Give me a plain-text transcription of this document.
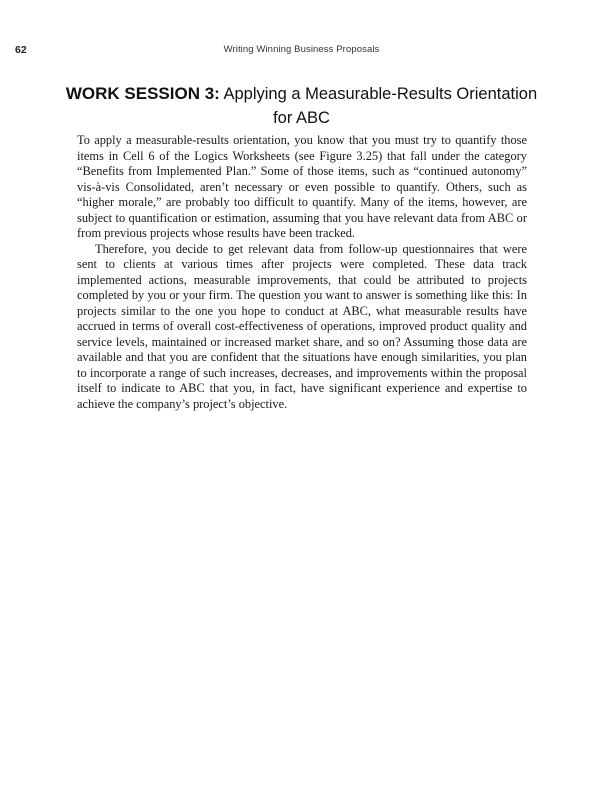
62	Writing Winning Business Proposals
WORK SESSION 3: Applying a Measurable-Results Orientation for ABC

To apply a measurable-results orientation, you know that you must try to quantify those items in Cell 6 of the Logics Worksheets (see Figure 3.25) that fall under the category “Benefits from Implemented Plan.” Some of those items, such as “continued autonomy” vis-à-vis Consolidated, aren’t necessary or even possible to quantify. Others, such as “higher morale,” are probably too difficult to quantify. Many of the items, however, are subject to quantification or estimation, assuming that you have relevant data from ABC or from previous projects whose results have been tracked.

Therefore, you decide to get relevant data from follow-up questionnaires that were sent to clients at various times after projects were completed. These data track implemented actions, measurable improvements, that could be attributed to projects completed by you or your firm. The question you want to answer is something like this: In projects similar to the one you hope to conduct at ABC, what measurable results have accrued in terms of overall cost-effectiveness of operations, improved product quality and service levels, maintained or increased market share, and so on? Assuming those data are available and that you are confident that the situations have enough similarities, you plan to incorporate a range of such increases, decreases, and improvements within the proposal itself to indicate to ABC that you, in fact, have significant experience and expertise to achieve the company’s project’s objective.
